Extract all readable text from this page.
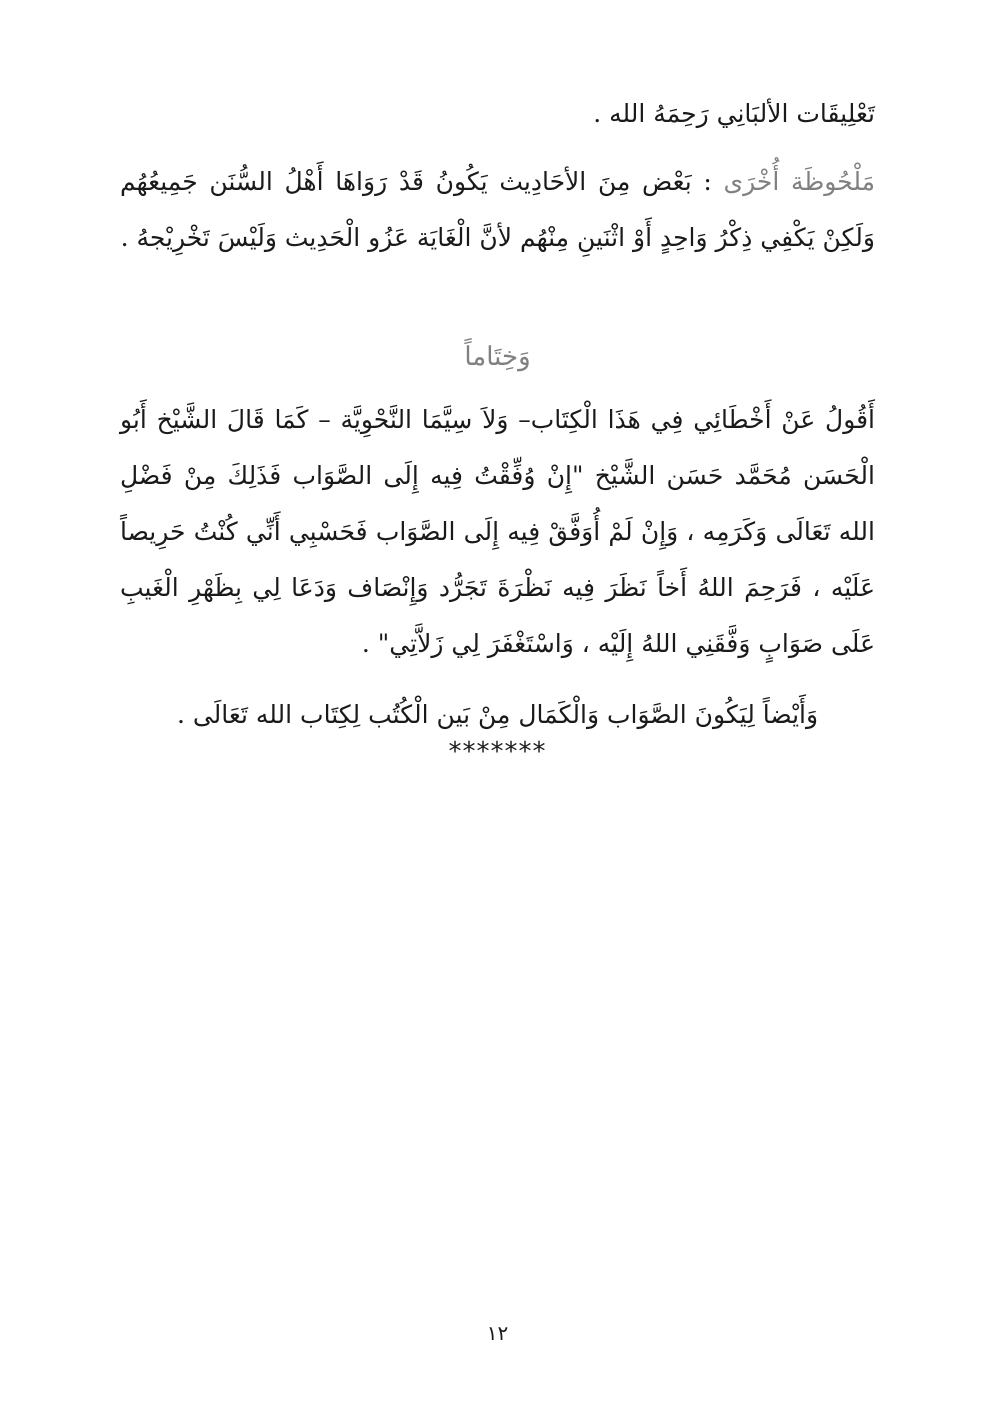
تَعْلِيقَات الألبَانِي رَحِمَهُ الله .
مَلْحُوظَة أُخْرَى : بَعْض مِنَ الأحَادِيث يَكُونُ قَدْ رَوَاهَا أَهْلُ السُّنَن جَمِيعُهُم وَلَكِنْ يَكْفِي ذِكْرُ وَاحِدٍ أَوْ اثْنَينِ مِنْهُم لأنَّ الْغَايَة عَزُو الْحَدِيث وَلَيْسَ تَخْرِيْجهُ .
وَخِتَاماً
أَقُولُ عَنْ أَخْطَائِي فِي هَذَا الْكِتَاب– وَلاَ سِيَّمَا النَّحْوِيَّة – كَمَا قَالَ الشَّيْخ أَبُو الْحَسَن مُحَمَّد حَسَن الشَّيْخ "إِنْ وُفِّقْتُ فِيه إِلَى الصَّوَاب فَذَلِكَ مِنْ فَضْلِ الله تَعَالَى وَكَرَمِه ، وَإِنْ لَمْ أُوَفَّقْ فِيه إِلَى الصَّوَاب فَحَسْبِي أَنِّي كُنْتُ حَرِيصاً عَلَيْه ، فَرَحِمَ اللهُ أَخاً نَظَرَ فِيه نَظْرَةَ تَجَرُّد وَإِنْصَاف وَدَعَا لِي بِظَهْرِ الْغَيبِ عَلَى صَوَابٍ وَفَّقَنِي اللهُ إِلَيْه ، وَاسْتَغْفَرَ لِي زَلاَّتِي" .
وَأَيْضاً لِيَكُونَ الصَّوَاب وَالْكَمَال مِنْ بَين الْكُتُب لِكِتَاب الله تَعَالَى .
*******
١٢
